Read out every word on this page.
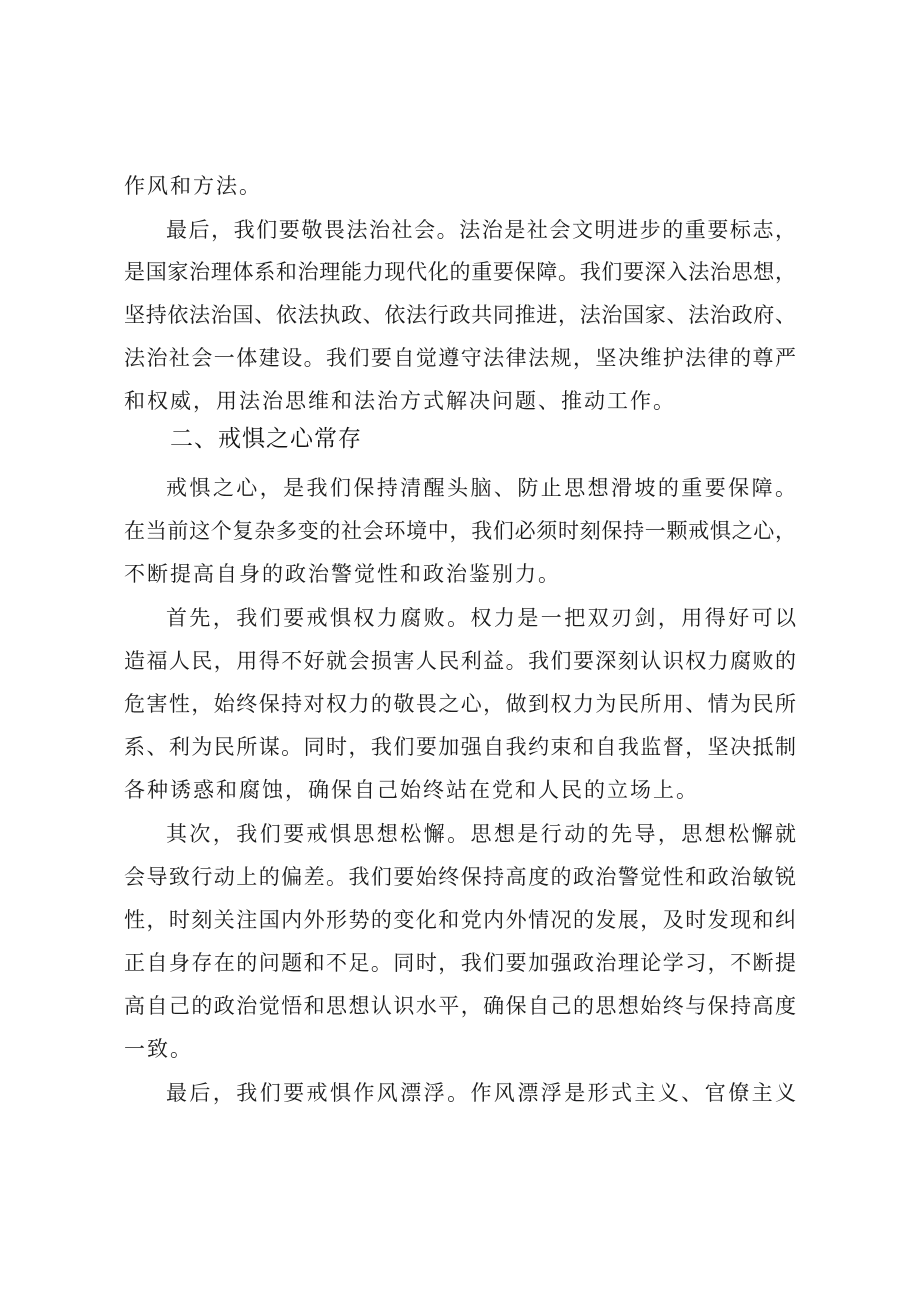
作风和方法。
最后，我们要敬畏法治社会。法治是社会文明进步的重要标志，
是国家治理体系和治理能力现代化的重要保障。我们要深入法治思想，
坚持依法治国、依法执政、依法行政共同推进，法治国家、法治政府、
法治社会一体建设。我们要自觉遵守法律法规，坚决维护法律的尊严
和权威，用法治思维和法治方式解决问题、推动工作。
二、戒惧之心常存
戒惧之心，是我们保持清醒头脑、防止思想滑坡的重要保障。
在当前这个复杂多变的社会环境中，我们必须时刻保持一颗戒惧之心，
不断提高自身的政治警觉性和政治鉴别力。
首先，我们要戒惧权力腐败。权力是一把双刃剑，用得好可以
造福人民，用得不好就会损害人民利益。我们要深刻认识权力腐败的
危害性，始终保持对权力的敬畏之心，做到权力为民所用、情为民所
系、利为民所谋。同时，我们要加强自我约束和自我监督，坚决抵制
各种诱惑和腐蚀，确保自己始终站在党和人民的立场上。
其次，我们要戒惧思想松懈。思想是行动的先导，思想松懈就
会导致行动上的偏差。我们要始终保持高度的政治警觉性和政治敏锐
性，时刻关注国内外形势的变化和党内外情况的发展，及时发现和纠
正自身存在的问题和不足。同时，我们要加强政治理论学习，不断提
高自己的政治觉悟和思想认识水平，确保自己的思想始终与保持高度
一致。
最后，我们要戒惧作风漂浮。作风漂浮是形式主义、官僚主义
